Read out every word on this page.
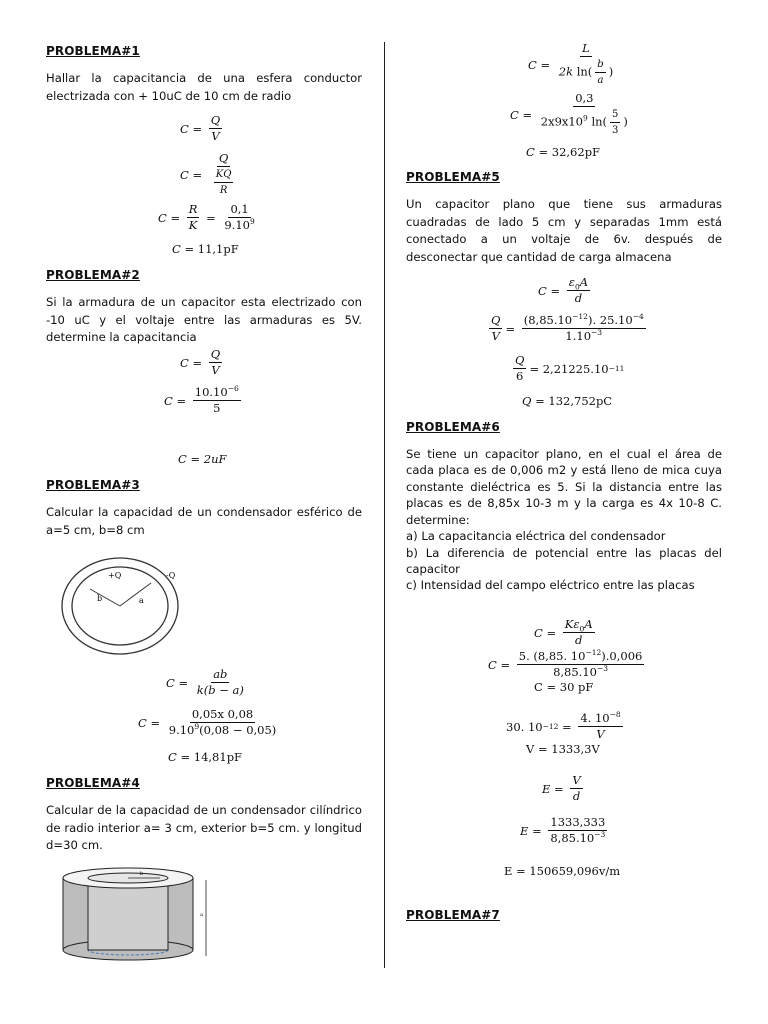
PROBLEMA#1
Hallar la capacitancia de una esfera conductor electrizada con + 10uC de 10 cm de radio
$C = \frac{Q}{V}$
$C = \frac{Q}{\frac{KQ}{R}}$
$C = \frac{R}{K} = \frac{0,1}{9.10^9}$
C = 11,1pF
PROBLEMA#2
Si la armadura de un capacitor esta electrizado con -10 uC y el voltaje entre las armaduras es 5V. determine la capacitancia
$C = \frac{Q}{V}$
$C = \frac{10.10^{-6}}{5}$
C = 2uF
PROBLEMA#3
Calcular la capacidad de un condensador esférico de a=5 cm, b=8 cm
+Q	-Q
b	a
$C = \frac{ab}{k(b - a)}$
$C = \frac{0,05x 0,08}{9.10^9(0,08 - 0,05)}$
C = 14,81pF
PROBLEMA#4
Calcular de la capacidad de un condensador cilíndrico de radio interior a= 3 cm, exterior b=5 cm. y longitud d=30 cm.
b
a
$C = \frac{L}{2k \ln( \frac{b}{a} )}$
$C = \frac{0,3}{2x9x10^9 \ln( \frac{5}{3} )}$
C = 32,62pF
PROBLEMA#5
Un capacitor plano que tiene sus armaduras cuadradas de lado 5 cm y separadas 1mm está conectado a un voltaje de 6v. después de desconectar que cantidad de carga almacena
$C = \frac{\varepsilon_0A}{d}$
$\frac{Q}{V} = \frac{(8,85.10^{-12}). 25.10^{-4}}{1.10^{-3}}$
$\frac{Q}{6} = 2,21225.10 -11$
Q = 132,752pC
PROBLEMA#6
Se tiene un capacitor plano, en el cual el área de cada placa es de 0,006 m2 y está lleno de mica cuya constante dieléctrica es 5. Si la distancia entre las placas es de 8,85x 10-3 m y la carga es 4x 10-8 C. determine:
a) La capacitancia eléctrica del condensador
b) La diferencia de potencial entre las placas del capacitor
c) Intensidad del campo eléctrico entre las placas
$C = \frac{K\varepsilon_0A}{d}$
$C = \frac{5. (8,85. 10^{-12}).0,006}{8,85.10^{-3}}$
C = 30 pF
30. $10 -12 = \frac{4. 10^{-8}}{V}$
V = 1333,3V
$E = \frac{V}{d}$
$E = \frac{1333,333}{8,85.10^{-3}}$
E = 150659,096v/m
PROBLEMA#7
